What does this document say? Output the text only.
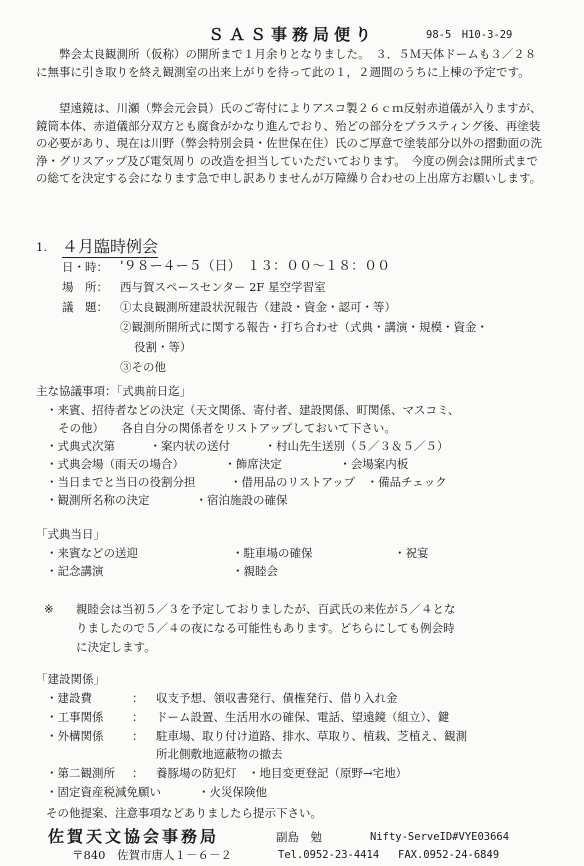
ＳＡＳ事務局便り	98-5　H10-3-29
弊会太良観測所（仮称）の開所まで１月余りとなりました。　３．５Ｍ天体ドームも３／２８に無事に引き取りを終え観測室の出来上がりを待って此の１，２週間のうちに上棟の予定です。
望遠鏡は、川瀬（弊会元会員）氏のご寄付によりアスコ製２６ｃｍ反射赤道儀が入りますが、鏡筒本体、赤道儀部分双方とも腐食がかなり進んでおり、殆どの部分をプラスティング後、再塗装の必要があり、現在は川野（弊会特別会員・佐世保在住）氏のご厚意で塗装部分以外の摺動面の洗浄・グリスアップ及び電気周り の改造を担当していただいております。　今度の例会は開所式までの総てを決定する会になります急で申し訳ありませんが万障繰り合わせの上出席方お願いします。
1. ４月臨時例会
日・時： '９８ー４ー５（日）　１３：００～１８：００
場　所： 西与賀スペースセンター 2F 星空学習室
議　題： ①太良観測所建設状況報告（建設・資金・認可・等）
②観測所開所式に関する報告・打ち合わせ（式典・講演・規模・資金・
役割・等）
③その他
主な協議事項：「式典前日迄」
・来賓、招待者などの決定（天文関係、寄付者、建設関係、町関係、マスコミ、
その他）　　各自自分の関係者をリストアップしておいて下さい。
・式典式次第　　　・案内状の送付　　　・村山先生送別（５／３＆５／５）
・式典会場（雨天の場合）　　　　・飾席決定　　　　　・会場案内板
・当日までと当日の役割分担　　　・借用品のリストアップ　・備品チェック
・観測所名称の決定　　　　・宿泊施設の確保
「式典当日」
・来賓などの送迎	・駐車場の確保	・祝宴
・記念講演	・親睦会
※ 親睦会は当初５／３を予定しておりましたが、百武氏の来佐が５／４とな
りましたので５／４の夜になる可能性もあります。どちらにしても例会時
に決定します。
「建設関係」
・建設費	： 収支予想、領収書発行、債権発行、借り入れ金
・工事関係 ： ドーム設置、生活用水の確保、電話、望遠鏡（組立）、鍵
・外構関係 ： 駐車場、取り付け道路、排水、草取り、植栽、芝植え、観測
所北側敷地遮蔽物の撤去
・第二観測所 ： 養豚場の防犯灯　・地目変更登記（原野→宅地）
・固定資産税減免願い	・火災保険他
その他提案、注意事項などありましたら提示下さい。
佐賀天文協会事務局	副島　勉	Nifty-ServeID#VYE03664
〒840　佐賀市唐人１－６－２	Tel.0952-23-4414 FAX.0952-24-6849
